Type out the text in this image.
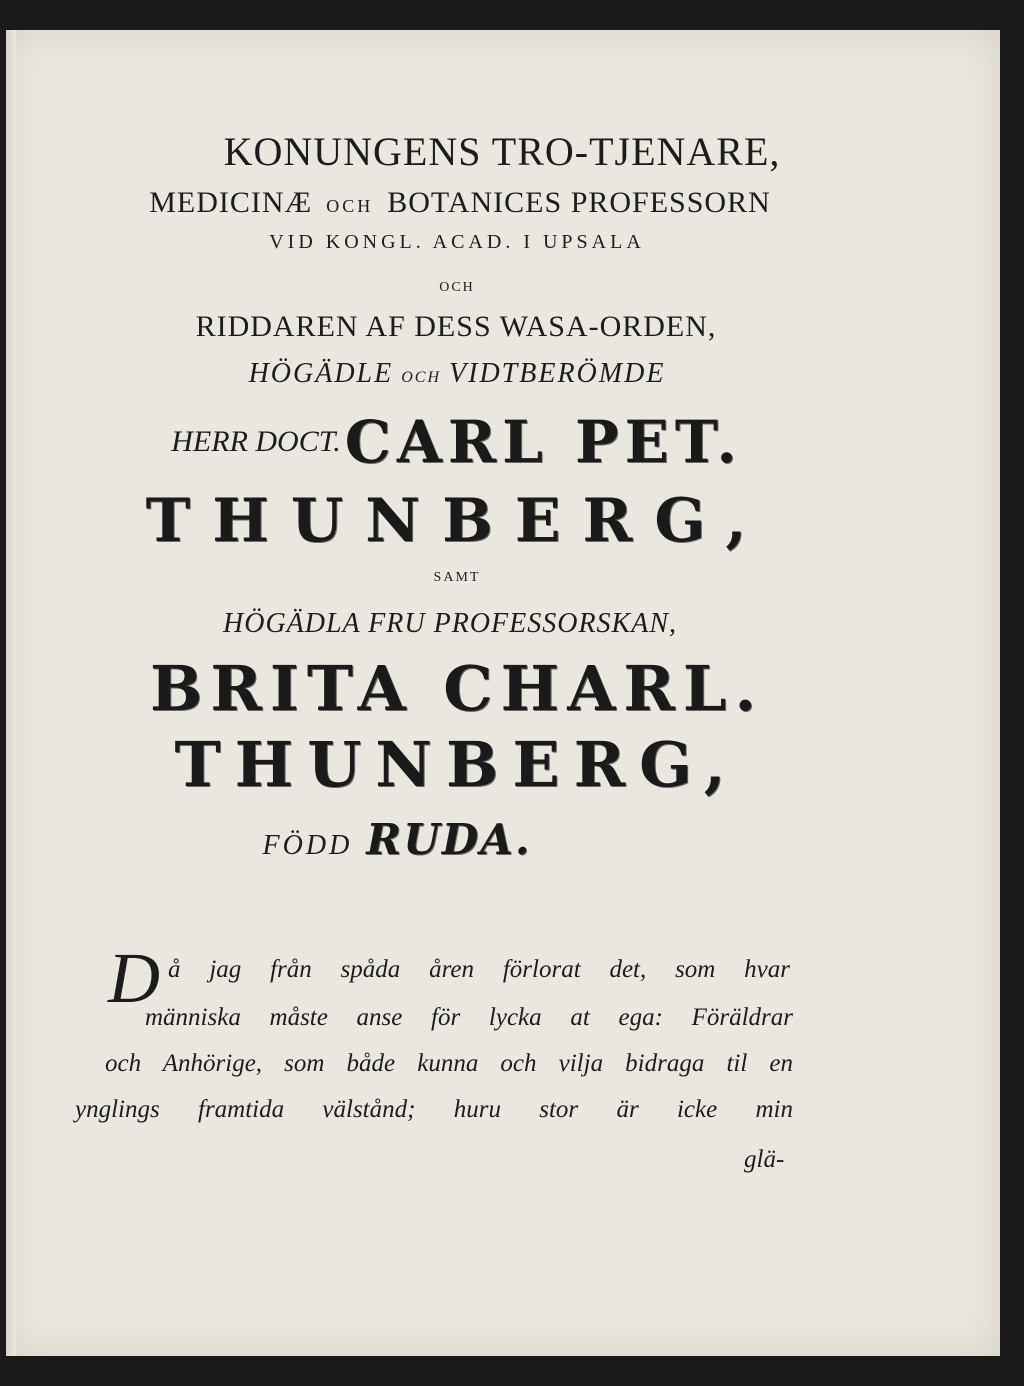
KONUNGENS TRO-TJENARE,

MEDICINÆ OCH BOTANICES PROFESSORN

VID KONGL. ACAD. I UPSALA

OCH

RIDDAREN AF DESS WASA-ORDEN,

HÖGÄDLE OCH VIDTBERÖMDE

HERR DOCT. CARL PET.

THUNBERG,

SAMT

HÖGÄDLA FRU PROFESSORSKAN,

BRITA CHARL.

THUNBERG,

FÖDD RUDA.

D å jag från spåda åren förlorat det, som hvar
människa måste anse för lycka at ega: Föräldrar
och Anhörige, som både kunna och vilja bidraga til en
ynglings framtida välstånd; huru stor är icke min
glä-
